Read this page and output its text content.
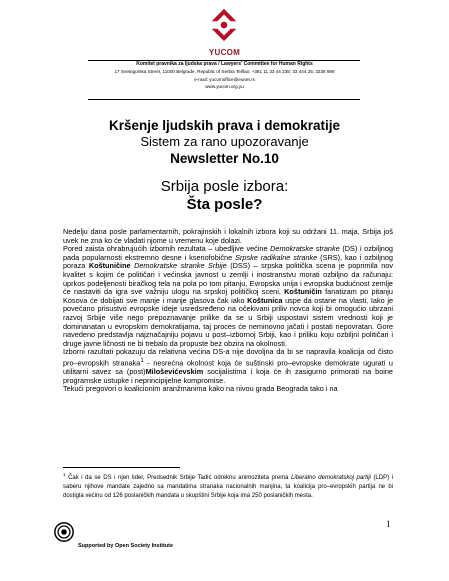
YUCOM
Komitet pravnika za ljudska prava / Lawyers' Committee for Human Rights
17 Svetogorska Street, 11000 Belgrade, Republic of Serbia Tel/fax: +381 11 33 44 235; 33 444 25; 3238 989
e-mail: yucomoffice@eunet.rs
www.yucom.org.yu
Kršenje ljudskih prava i demokratije
Sistem za rano upozoravanje
Newsletter No.10
Srbija posle izbora:
Šta posle?

Nedelju dana posle parlamentarnih, pokrajinskih i lokalnih izbora koji su održani 11. maja, Srbija još uvek ne zna ko će vladati njome u vremenu koje dolazi.

Pored zaista ohrabrujućih izbornih rezultata – ubedljive većine Demokratske stranke (DS) i ozbiljnog pada popularnosti ekstremno desne i ksenofobične Srpske radikalne stranke (SRS), kao i ozbiljnog poraza Koštuničine Demokratske stranke Srbije (DSS) – srpska politička scena je poprimila nov kvalitet s kojim će političari i većinska javnost u zemlji i inostranstvu morati ozbiljno da računaju: uprkos podeljenosti biračkog tela na pola po tom pitanju, Evropska unija i evropska budućnost zemlje će nastaviti da igra sve važniju ulogu na srpskoj političkoj sceni, Koštuničin fanatizam po pitanju Kosova će dobijati sve manje i manje glasova čak iako Koštunica uspe da ostane na vlasti. Iako je povećano prisustvo evropske ideje usredsređeno na očekivani priliv novca koji bi omogućio ubrzani razvoj Srbije više nego prepoznavanje prilike da se u Srbiji uspostavi sistem vrednosti koji je dominanatan u evropskim demokratijama, taj proces će neminovno jačati i postati nepovratan. Gore navedeno predstavlja najznačajniju pojavu u post–izbornoj Srbiji, kao i priliku koju ozbiljni političari i druge javne ličnosti ne bi trebalo da propuste bez obzira na okolnosti.

Izborni razultati pokazuju da relativna većina DS-a nije dovoljna da bi se napravila koalicija od čisto pro–evropskih stranaka$^1$ - nesrećna okolnost koja će suštinski pro–evropske demokrate ugurati u utilitarni savez sa (post)Miloševićevskim socijalistima i koja će ih zasigurno primorati na boine programske ustupke i neprincipijelne kompromise.

Tekući pregovori o koalicionim aranžmanima kako na nivou grada Beograda tako i na

$^1$ Čak i da se DS i njen lider, Predsednik Srbije Tadić odreknu animoziteta prema Liberalno demokratskoj partiji (LDP) i saberu njihove mandate zajedno sa mandatima stranaka nacionalnih manjina, ta koalicija pro–evropskih partija ne bi dostigla većinu od 126 poslaničkih mandata u skupštini Srbije koja ima 250 poslaničkih mesta.
Supported by Open Society Institute
1
